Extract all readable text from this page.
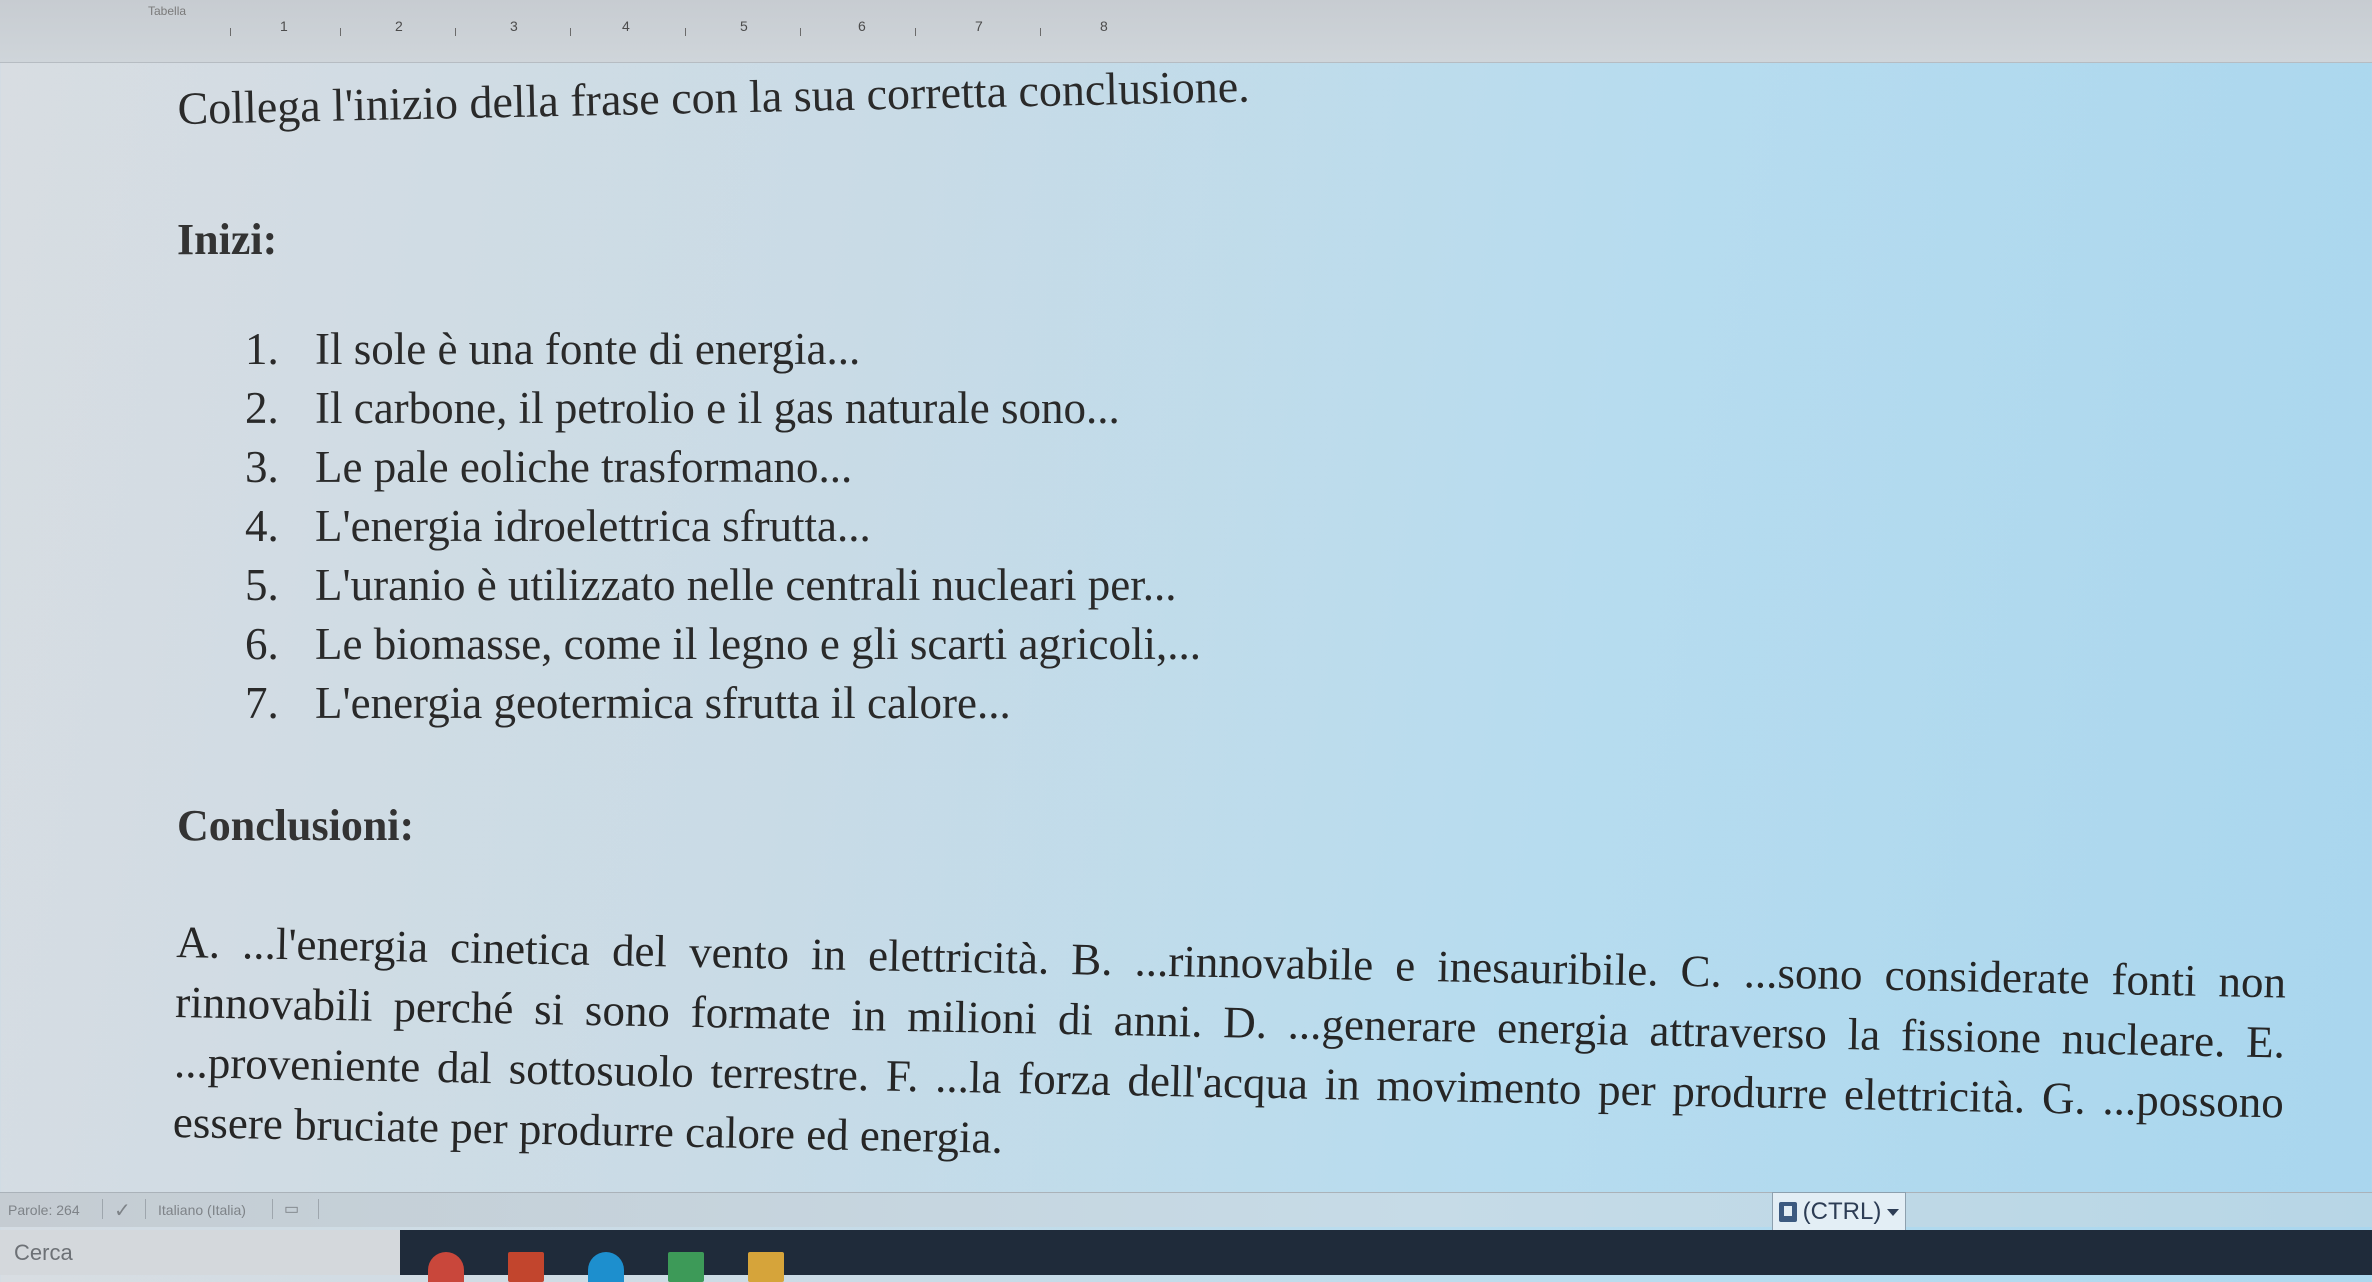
Tabella
1	2	3	4	5	6	7	8
Collega l'inizio della frase con la sua corretta conclusione.
Inizi:
1. Il sole è una fonte di energia...
2. Il carbone, il petrolio e il gas naturale sono...
3. Le pale eoliche trasformano...
4. L'energia idroelettrica sfrutta...
5. L'uranio è utilizzato nelle centrali nucleari per...
6. Le biomasse, come il legno e gli scarti agricoli,...
7. L'energia geotermica sfrutta il calore...
Conclusioni:
A. ...l'energia cinetica del vento in elettricità. B. ...rinnovabile e inesauribile. C. ...sono considerate fonti non rinnovabili perché si sono formate in milioni di anni. D. ...generare energia attraverso la fissione nucleare. E. ...proveniente dal sottosuolo terrestre. F. ...la forza dell'acqua in movimento per produrre elettricità. G. ...possono essere bruciate per produrre calore ed energia.
Parole: 264 ✓ Italiano (Italia) ▭	(CTRL)
Cerca
